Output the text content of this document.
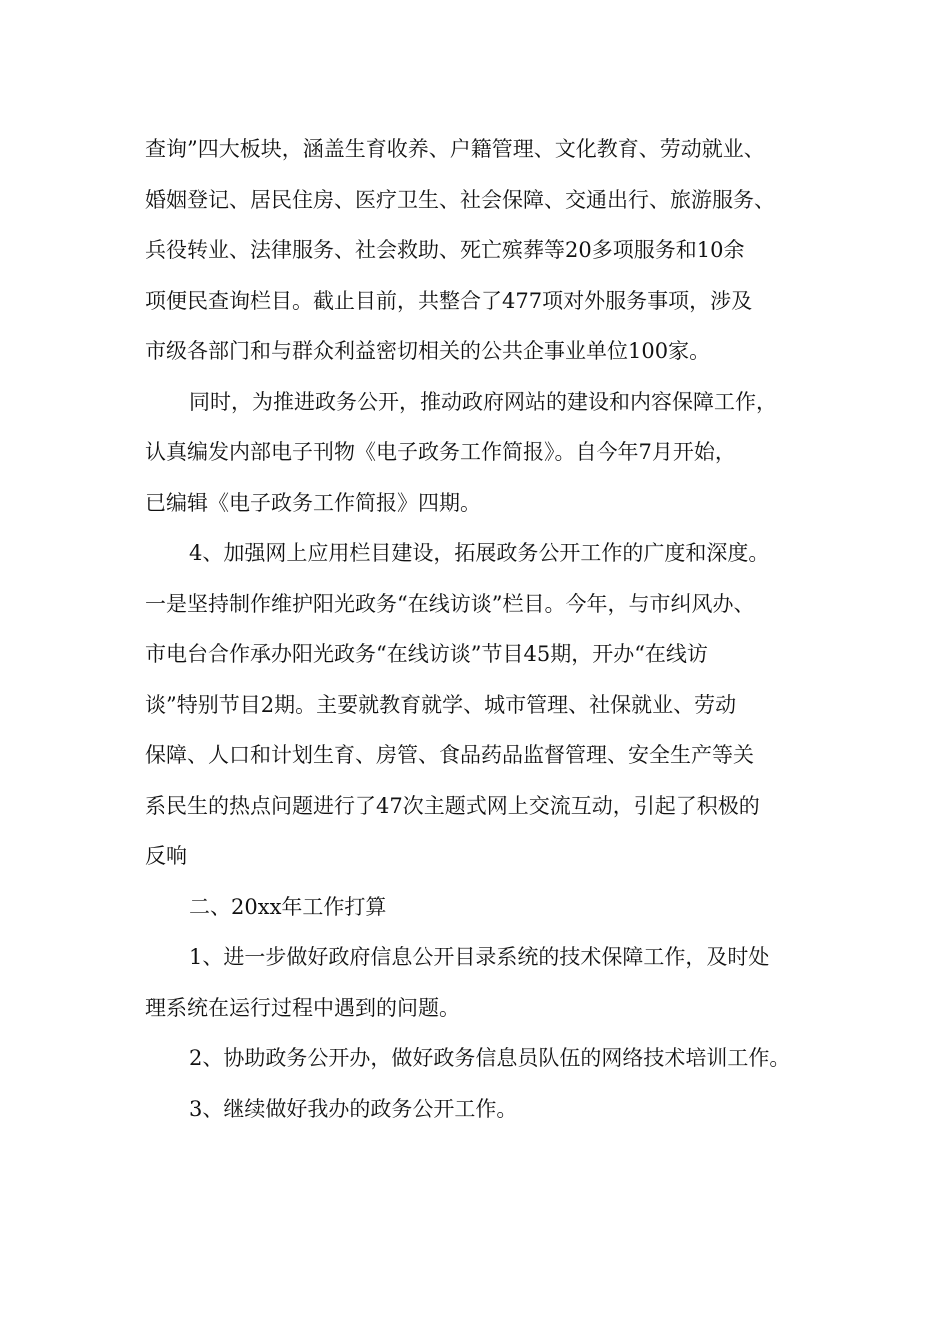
查询”四大板块，涵盖生育收养、户籍管理、文化教育、劳动就业、
婚姻登记、居民住房、医疗卫生、社会保障、交通出行、旅游服务、
兵役转业、法律服务、社会救助、死亡殡葬等20多项服务和10余
项便民查询栏目。截止目前，共整合了477项对外服务事项，涉及
市级各部门和与群众利益密切相关的公共企事业单位100家。
同时，为推进政务公开，推动政府网站的建设和内容保障工作，
认真编发内部电子刊物《电子政务工作简报》。自今年7月开始，
已编辑《电子政务工作简报》四期。
4、加强网上应用栏目建设，拓展政务公开工作的广度和深度。
一是坚持制作维护阳光政务“在线访谈”栏目。今年，与市纠风办、
市电台合作承办阳光政务“在线访谈”节目45期，开办“在线访
谈”特别节目2期。主要就教育就学、城市管理、社保就业、劳动
保障、人口和计划生育、房管、食品药品监督管理、安全生产等关
系民生的热点问题进行了47次主题式网上交流互动，引起了积极的
反响
二、20xx年工作打算
1、进一步做好政府信息公开目录系统的技术保障工作，及时处
理系统在运行过程中遇到的问题。
2、协助政务公开办，做好政务信息员队伍的网络技术培训工作。
3、继续做好我办的政务公开工作。
